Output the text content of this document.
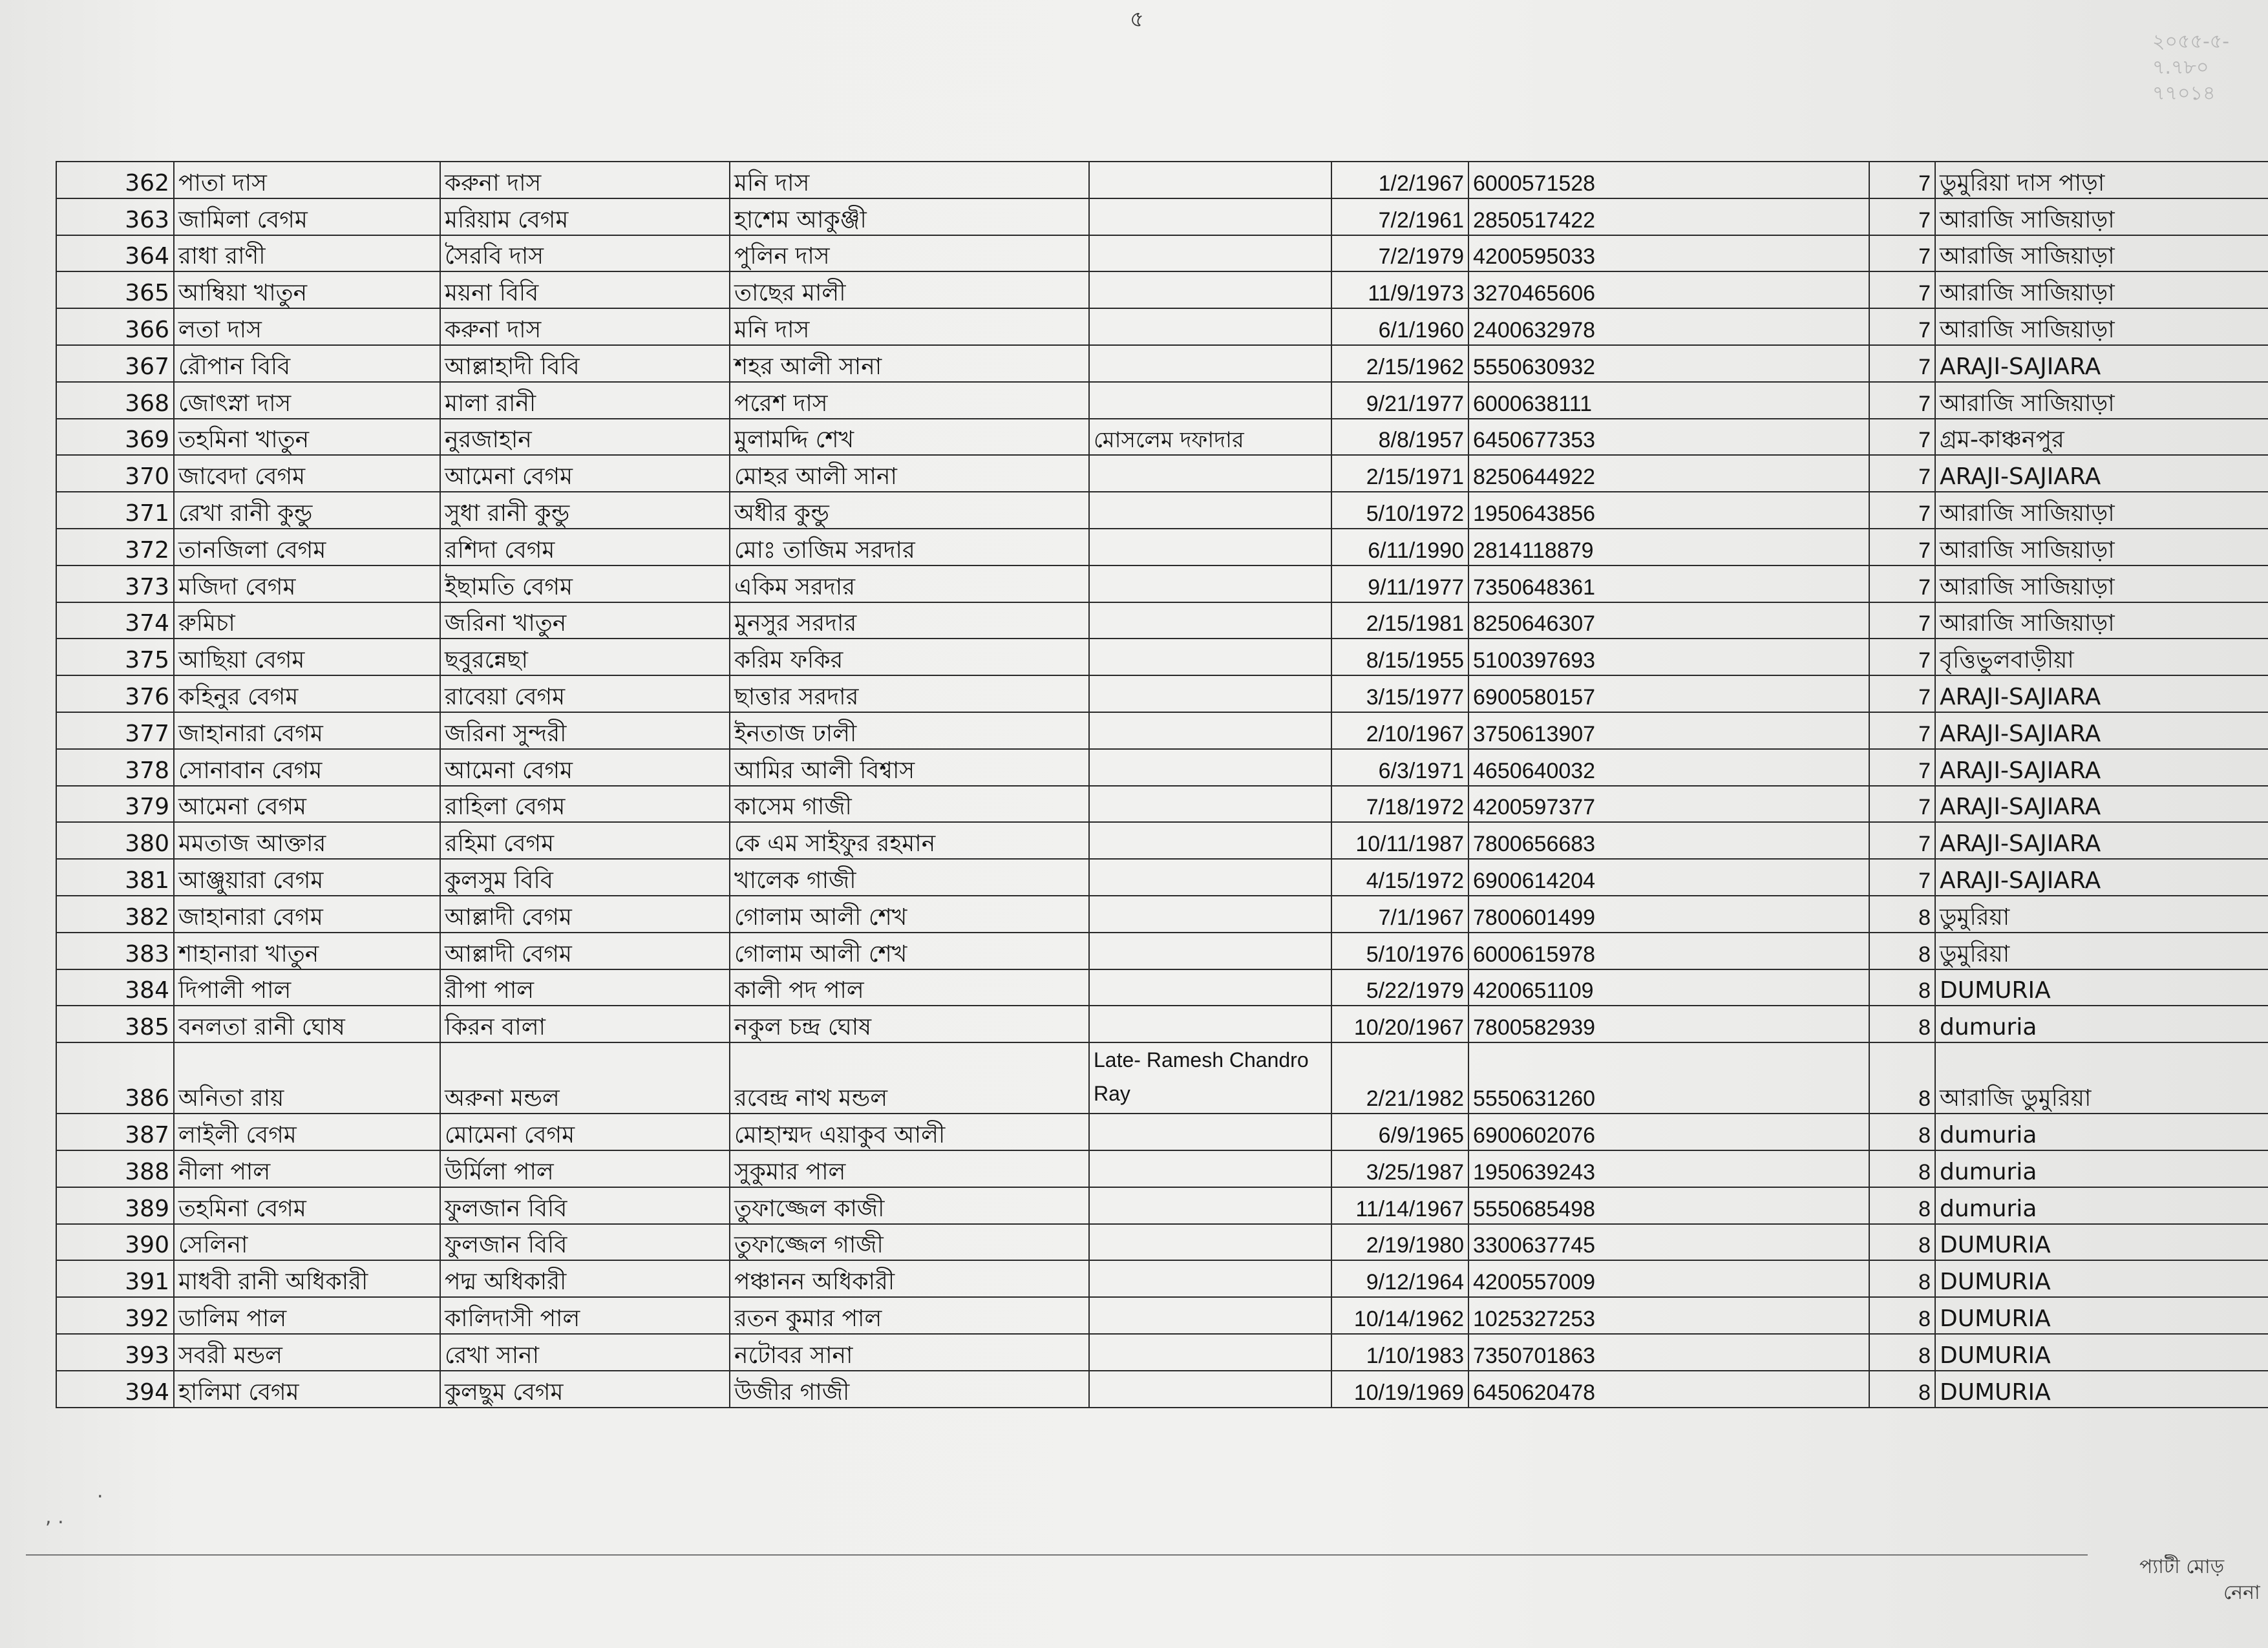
৫
২০৫৫-৫-
৭.৭৮০
৭৭০১৪
362	পাতা দাস	করুনা দাস	মনি দাস		1/2/1967	6000571528	7	ডুমুরিয়া দাস পাড়া
363	জামিলা বেগম	মরিয়াম বেগম	হাশেম আকুঞ্জী		7/2/1961	2850517422	7	আরাজি সাজিয়াড়া
364	রাধা রাণী	সৈরবি দাস	পুলিন দাস		7/2/1979	4200595033	7	আরাজি সাজিয়াড়া
365	আম্বিয়া খাতুন	ময়না বিবি	তাছের মালী		11/9/1973	3270465606	7	আরাজি সাজিয়াড়া
366	লতা দাস	করুনা দাস	মনি দাস		6/1/1960	2400632978	7	আরাজি সাজিয়াড়া
367	রৌপান বিবি	আল্লাহাদী বিবি	শহর আলী সানা		2/15/1962	5550630932	7	ARAJI-SAJIARA
368	জোৎস্না দাস	মালা রানী	পরেশ দাস		9/21/1977	6000638111	7	আরাজি সাজিয়াড়া
369	তহমিনা খাতুন	নুরজাহান	মুলামদ্দি শেখ	মোসলেম দফাদার	8/8/1957	6450677353	7	গ্রম-কাঞ্চনপুর
370	জাবেদা বেগম	আমেনা বেগম	মোহর আলী সানা		2/15/1971	8250644922	7	ARAJI-SAJIARA
371	রেখা রানী কুন্ডু	সুধা রানী কুন্ডু	অধীর কুন্ডু		5/10/1972	1950643856	7	আরাজি সাজিয়াড়া
372	তানজিলা বেগম	রশিদা বেগম	মোঃ তাজিম সরদার		6/11/1990	2814118879	7	আরাজি সাজিয়াড়া
373	মজিদা বেগম	ইছামতি বেগম	একিম সরদার		9/11/1977	7350648361	7	আরাজি সাজিয়াড়া
374	রুমিচা	জরিনা খাতুন	মুনসুর সরদার		2/15/1981	8250646307	7	আরাজি সাজিয়াড়া
375	আছিয়া বেগম	ছবুরন্নেছা	করিম ফকির		8/15/1955	5100397693	7	বৃত্তিভুলবাড়ীয়া
376	কহিনুর বেগম	রাবেয়া বেগম	ছাত্তার সরদার		3/15/1977	6900580157	7	ARAJI-SAJIARA
377	জাহানারা বেগম	জরিনা সুন্দরী	ইনতাজ ঢালী		2/10/1967	3750613907	7	ARAJI-SAJIARA
378	সোনাবান বেগম	আমেনা বেগম	আমির আলী বিশ্বাস		6/3/1971	4650640032	7	ARAJI-SAJIARA
379	আমেনা বেগম	রাহিলা বেগম	কাসেম গাজী		7/18/1972	4200597377	7	ARAJI-SAJIARA
380	মমতাজ আক্তার	রহিমা বেগম	কে এম সাইফুর রহমান		10/11/1987	7800656683	7	ARAJI-SAJIARA
381	আঞ্জুয়ারা বেগম	কুলসুম বিবি	খালেক গাজী		4/15/1972	6900614204	7	ARAJI-SAJIARA
382	জাহানারা বেগম	আল্লাদী বেগম	গোলাম আলী শেখ		7/1/1967	7800601499	8	ডুমুরিয়া
383	শাহানারা খাতুন	আল্লাদী বেগম	গোলাম আলী শেখ		5/10/1976	6000615978	8	ডুমুরিয়া
384	দিপালী পাল	রীপা পাল	কালী পদ পাল		5/22/1979	4200651109	8	DUMURIA
385	বনলতা রানী ঘোষ	কিরন বালা	নকুল চন্দ্র ঘোষ		10/20/1967	7800582939	8	dumuria
386	অনিতা রায়	অরুনা মন্ডল	রবেন্দ্র নাথ মন্ডল	Late- Ramesh Chandro Ray	2/21/1982	5550631260	8	আরাজি ডুমুরিয়া
387	লাইলী বেগম	মোমেনা বেগম	মোহাম্মদ এয়াকুব আলী		6/9/1965	6900602076	8	dumuria
388	নীলা পাল	উর্মিলা পাল	সুকুমার পাল		3/25/1987	1950639243	8	dumuria
389	তহমিনা বেগম	ফুলজান বিবি	তুফাজ্জেল কাজী		11/14/1967	5550685498	8	dumuria
390	সেলিনা	ফুলজান বিবি	তুফাজ্জেল গাজী		2/19/1980	3300637745	8	DUMURIA
391	মাধবী রানী অধিকারী	পদ্ম অধিকারী	পঞ্চানন অধিকারী		9/12/1964	4200557009	8	DUMURIA
392	ডালিম পাল	কালিদাসী পাল	রতন কুমার পাল		10/14/1962	1025327253	8	DUMURIA
393	সবরী মন্ডল	রেখা সানা	নটোবর সানা		1/10/1983	7350701863	8	DUMURIA
394	হালিমা বেগম	কুলছুম বেগম	উজীর গাজী		10/19/1969	6450620478	8	DUMURIA
, .
.
প্যাটী মোড়
নেনা
